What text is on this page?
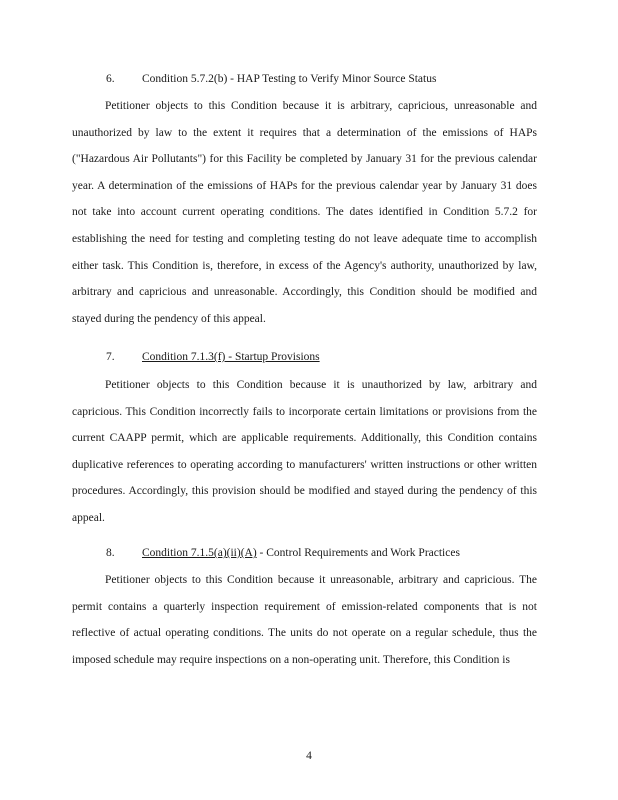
6. Condition 5.7.2(b) - HAP Testing to Verify Minor Source Status

Petitioner objects to this Condition because it is arbitrary, capricious, unreasonable and unauthorized by law to the extent it requires that a determination of the emissions of HAPs ("Hazardous Air Pollutants") for this Facility be completed by January 31 for the previous calendar year. A determination of the emissions of HAPs for the previous calendar year by January 31 does not take into account current operating conditions. The dates identified in Condition 5.7.2 for establishing the need for testing and completing testing do not leave adequate time to accomplish either task. This Condition is, therefore, in excess of the Agency's authority, unauthorized by law, arbitrary and capricious and unreasonable. Accordingly, this Condition should be modified and stayed during the pendency of this appeal.

7. Condition 7.1.3(f) - Startup Provisions

Petitioner objects to this Condition because it is unauthorized by law, arbitrary and capricious. This Condition incorrectly fails to incorporate certain limitations or provisions from the current CAAPP permit, which are applicable requirements. Additionally, this Condition contains duplicative references to operating according to manufacturers' written instructions or other written procedures. Accordingly, this provision should be modified and stayed during the pendency of this appeal.

8. Condition 7.1.5(a)(ii)(A) - Control Requirements and Work Practices

Petitioner objects to this Condition because it unreasonable, arbitrary and capricious. The permit contains a quarterly inspection requirement of emission-related components that is not reflective of actual operating conditions. The units do not operate on a regular schedule, thus the imposed schedule may require inspections on a non-operating unit. Therefore, this Condition is

4
